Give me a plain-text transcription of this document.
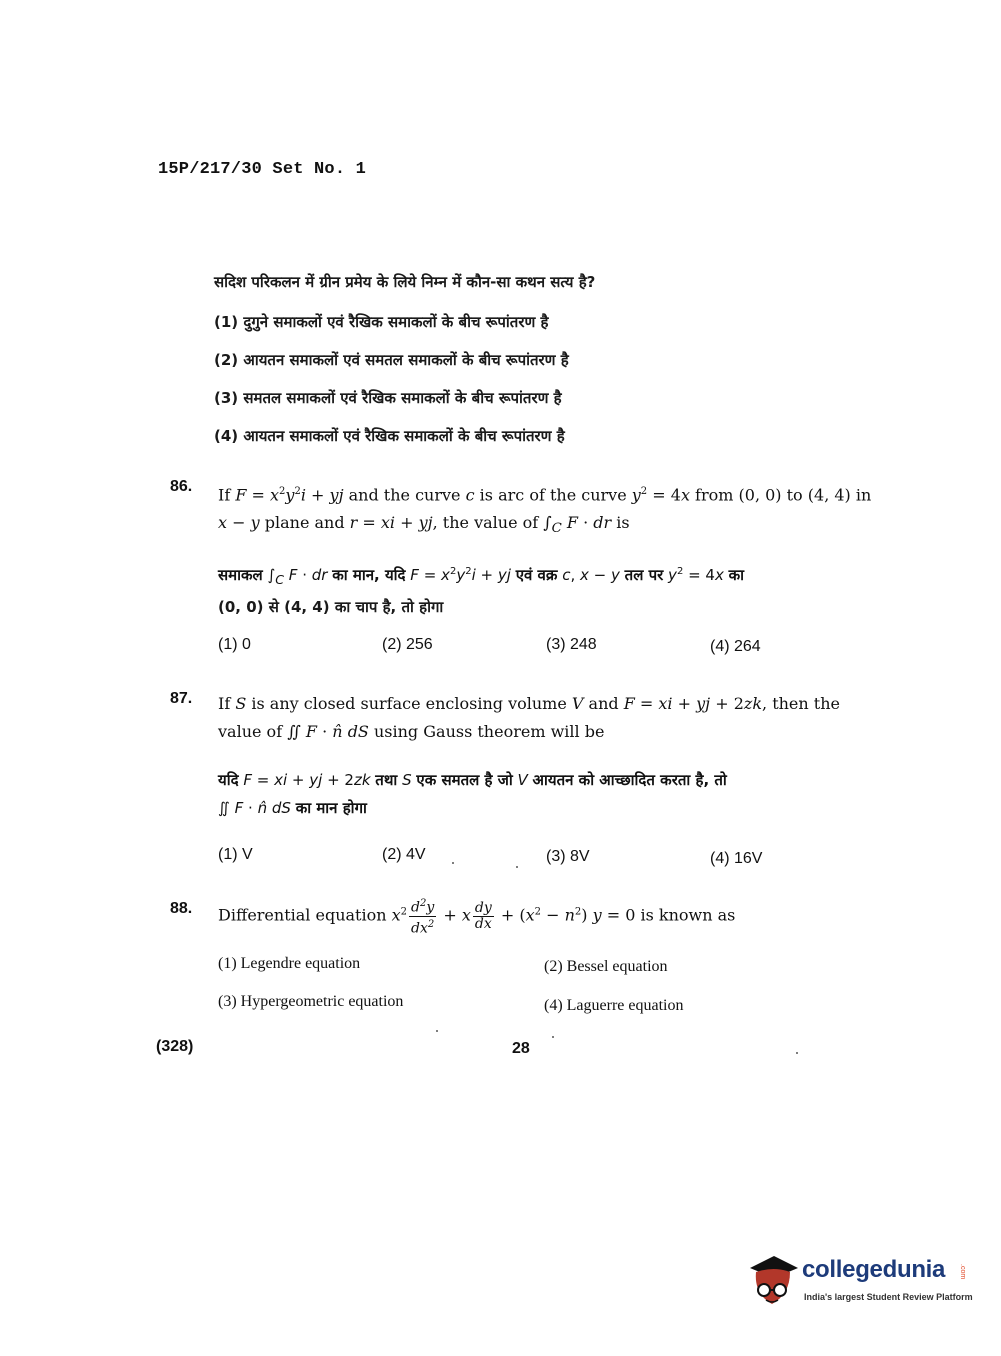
15P/217/30 Set No. 1
सदिश परिकलन में ग्रीन प्रमेय के लिये निम्न में कौन-सा कथन सत्य है?
(1) दुगुने समाकलों एवं रैखिक समाकलों के बीच रूपांतरण है
(2) आयतन समाकलों एवं समतल समाकलों के बीच रूपांतरण है
(3) समतल समाकलों एवं रैखिक समाकलों के बीच रूपांतरण है
(4) आयतन समाकलों एवं रैखिक समाकलों के बीच रूपांतरण है
86. If $F = x^2y^2i$ + yj and the curve c is arc of the curve $y^2 = 4x$ from (0, 0) to (4, 4) in
x − y plane and r = xi + yj, the value of $\int_C$ F · dr is
समाकल $\int_C$ F · dr का मान, यदि $F = x^2y^2i$ + yj एवं वक्र c, x − y तल पर $y^2 = 4x$ का
(0, 0) से (4, 4) का चाप है, तो होगा
(1) 0	(2) 256	(3) 248	(4) 264
87. If S is any closed surface enclosing volume V and F = xi + yj + 2zk, then the
value of ∬ F · n̂ dS using Gauss theorem will be
यदि F = xi + yj + 2zk तथा S एक समतल है जो V आयतन को आच्छादित करता है, तो
∬ F · n̂ dS का मान होगा
(1) V	(2) 4V	(3) 8V	(4) 16V
88. Differential equation $x^2 \frac{d^2y}{dx^2} + x \frac{dy}{dx} + (x^2 - n^2) y = 0$ is known as
(1) Legendre equation	(2) Bessel equation
(3) Hypergeometric equation	(4) Laguerre equation
(328)	28
collegedunia .com
India's largest Student Review Platform
